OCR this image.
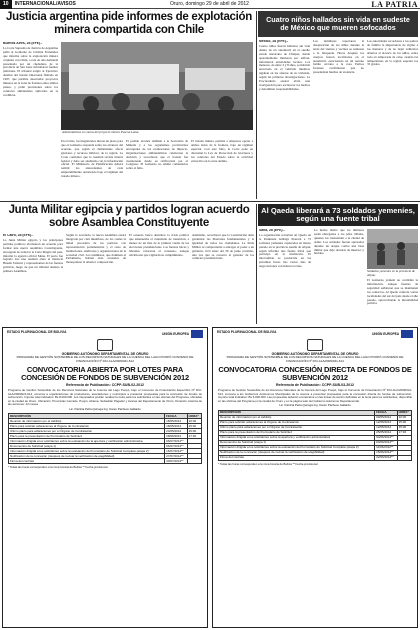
10	INTERNACIONAL/AVISOS	Oruro, domingo 29 de abril de 2012	LA PATRIA
Justicia argentina pide informes de explotación minera compartida con Chile
Buenos Aires, 28 (EFE).-
La Corte Suprema de Justicia de Argentina pidió al Gobierno de Cristina Fernández que informe sobre la explotación minera conjunta con Chile, a raíz de una demanda presentada por un ciudadano de la provincia de San Juan, informaron fuentes judiciales. El tribunal exigió al Ejecutivo detalles del tratado binacional firmado en 1997, que permite desarrollar proyectos mineros en la zona de frontera entre ambos países, y pidió precisiones sobre los controles ambientales aplicados en la cordillera.
Ambientalistas en contra del proyecto minero Pascua Lama.
En el fallo, los magistrados dieron un plazo para que el Gobierno responda sobre los alcances del acuerdo, que según el demandante afecta glaciares y recursos hídricos de la región. La Corte consideró que la cuestión reviste interés federal y debe ser analizada con la información oficial. El Ministerio de Planificación deberá remitir los antecedentes de cada emprendimiento autorizado bajo el régimen del tratado minero.
El pedido alcanza también a la Secretaría de Minería y a los organismos provinciales encargados de las evaluaciones de impacto. Organizaciones ambientalistas celebraron la decisión y recordaron que el tratado fue cuestionado desde su ratificación por el Congreso. El Gobierno no emitió comentarios sobre el fallo.
El tratado minero permite a empresas operar a ambos lados de la frontera, bajo un régimen especial. Con este fallo, la Corte pone en discusión la Ley de Protección de Glaciares y los controles del Estado sobre la actividad extractiva en la zona andina.
Cuatro niños hallados sin vida en sudeste de México que mueren sofocados
México, 28 (EFE).-
Cuatro niños fueron hallados sin vida dentro de un automóvil en el sureño estado mexicano de Chiapas, donde aparentemente murieron por asfixia, informaron autoridades locales. Los menores, de entre 3 y 8 años, se habrían encerrado en el vehículo mientras jugaban en las afueras de su vivienda, según las primeras investigaciones. La Procuraduría estatal abrió una averiguación para esclarecer los hechos y determinar responsabilidades.
Los familiares reportaron la desaparición de los niños durante la tarde del viernes y vecinos se sumaron a la búsqueda. Horas después los cuerpos fueron localizados en el automóvil, estacionado en un terreno baldío cercano a la casa. Peritos forenses confirmaron que no presentaban huellas de violencia.
Las autoridades recordaron a los padres de familia la importancia de vigilar a los menores y de no dejar vehículos abiertos al alcance de los niños, sobre todo en temporada de calor, cuando las temperaturas en la región superan los 35 grados.
Junta Militar egipcia y partidos logran acuerdo sobre Asamblea Constituyente
El Cairo, 28 (EFE).-
La Junta Militar egipcia y los principales partidos políticos alcanzaron un acuerdo para formar una nueva Asamblea Constituyente, encargada de redactar la Carta Magna del país, informó la agencia oficial Mena. El pacto fue logrado tras una reunión entre el mariscal Husein Tantawi y representantes de las fuerzas políticas, luego de que un tribunal anulara la primera Asamblea.
Según lo acordado, la nueva Asamblea estará integrada por cien miembros, de los cuales la mitad procederá de los partidos con representación parlamentaria y el resto de instituciones, sindicatos y organizaciones de la sociedad civil. Los islamistas, que dominan el Parlamento, habían sido acusados de monopolizar la anterior composición.
El acuerdo busca destrabar la crisis política que amenazaba el calendario de transición, a menos de un mes de la primera vuelta de las elecciones presidenciales. Las fuerzas laicas y liberales valoraron el consenso, aunque advirtieron que vigilarán su cumplimiento.
Asimismo, recordaron que la Constitución debe garantizar las libertades fundamentales y la igualdad de todos los ciudadanos. La Junta Militar se comprometió a entregar el poder a un gobierno civil antes del 30 de junio próximo, una vez que se conozca al ganador de los comicios presidenciales.
Al Qaeda liberará a 73 soldados yemeníes, según una fuente tribal
Saná, 28 (EFE).-
La organización terrorista Al Qaeda en la Península Arábiga liberará a 73 soldados yemeníes capturados en marzo pasado en la provincia sureña de Abyan, según informó una fuente tribal que participó en la mediación. El intercambio se produciría en las próximas horas tras varios días de negociaciones con líderes locales.
La fuente indicó que los militares serán entregados a los jefes tribales, quienes los trasladarán a la ciudad de Adén. Los soldados fueron apresados durante un ataque contra una base militar que dejó decenas de muertos y heridos.
Soldados yemeníes en la provincia de Abyan.
El Gobierno yemení no confirmó la información, aunque fuentes de seguridad señalaron que se mantienen los contactos. Al Qaeda controla varias localidades del sur del país desde el año pasado, aprovechando la inestabilidad política.
ESTADO PLURINACIONAL DE BOLIVIA	UNIÓN EUROPEA
GOBIERNO AUTÓNOMO DEPARTAMENTAL DE ORURO
PROGRAMA DE GESTIÓN SOSTENIBLE DE LOS RECURSOS NATURALES DE LA CUENCA DEL LAGO POOPÓ CONVENIO DE FINANCIACIÓN Nº DCI-ALA/2009/021-614
CONVOCATORIA ABIERTA POR LOTES PARA CONCESIÓN DE FONDOS DE SUBVENCIÓN 2012
Referencia de Publicación: CCPP-SUB-02-2012
Programa de Gestión Sostenible de los Recursos Naturales de la Cuenca del Lago Poopó, bajo el Convenio de Financiación Específico Nº DCI-ALA/2009/021-614, convoca a organizaciones de productores, asociaciones y municipios a presentar propuestas para la concesión de fondos de subvención. Importe total indicativo: Bs 8.000.000. Los interesados podrán recabar la Guía para los solicitantes en las oficinas del Programa, ubicadas en la ciudad de Oruro. Ubicación: Provincias Cercado, Poopó, Abaroa, Sebastián Pagador y Avaroa del Departamento de Oruro. Duración máxima de las acciones: 12 meses.
Lic. Patricia Peña Quiroga Ing. Karen Pacheco Gallardo
DESCRIPCIÓN	FECHA	HORA*
Reunión de información (en el cabildo)	18/05/2012	10:00
Plazo para solicitar aclaraciones al Órgano de Contratación	18/05/2012	15:00
Último plazo para aclaraciones por el Órgano de Contratación	23/05/2012	15:00
Plazo para la presentación del Formulario de Solicitud	28/06/2012	17:30
Información dirigida a los solicitantes sobre la evaluación de la apertura y verificación administrativa	06/07/2012**	
Documentos de Solicitud (etapa 1)	06/07/2012**	
Información dirigida a los solicitantes sobre la evaluación del Formulario de Solicitud Completa (etapa 2)	16/07/2012**	
Notificación de la concesión (después de revisar la verificación de elegibilidad)	27/07/2012**	
Firma del contrato	30/07/2012**	
* Todas las horas corresponden a la zona horaria de Bolivia ** Fecha provisional
ESTADO PLURINACIONAL DE BOLIVIA	UNIÓN EUROPEA
GOBIERNO AUTÓNOMO DEPARTAMENTAL DE ORURO
PROGRAMA DE GESTIÓN SOSTENIBLE DE LOS RECURSOS NATURALES DE LA CUENCA DEL LAGO POOPÓ CONVENIO DE FINANCIACIÓN Nº DCI-ALA/2009/021-614
CONVOCATORIA CONCESIÓN DIRECTA DE FONDOS DE SUBVENCIÓN 2012
Referencia de Publicación: CCPP-SUB-03-2012
Programa de Gestión Sostenible de los Recursos Naturales de la Cuenca del Lago Poopó, bajo el Convenio de Financiación Nº DCI-ALA/2009/021-614, convoca a los Gobiernos Autónomos Municipales de la cuenca a presentar propuestas para la concesión directa de fondos de subvención. Importe total indicativo: Bs 6.000.000. Las propuestas deberán enmarcarse en las líneas de acción definidas en la Guía para los solicitantes, disponible en las oficinas del Programa en la ciudad de Oruro y en la página web del Gobierno Autónomo Departamental.
Lic. Patricia Peña Quiroga Ing. Karen Pacheco Gallardo
DESCRIPCIÓN	FECHA	HORA*
Reunión de información (en el cabildo)	09/05/2012	10:00
Plazo para solicitar aclaraciones al Órgano de Contratación	12/05/2012	15:00
Último plazo para aclaraciones por el Órgano de Contratación	12/05/2012	15:00
Plazo para la presentación del Formulario de Solicitud	25/05/2012	17:30
Información dirigida a los solicitantes sobre la apertura y verificación administrativa	04/06/2012**	
Documentos de Solicitud (etapa 1)	04/06/2012**	
Información dirigida a los solicitantes sobre la evaluación del Formulario de Solicitud Completa (etapa 2)	11/06/2012**	
Notificación de la concesión (después de revisar la verificación de elegibilidad)	15/06/2012**	
Firma del contrato	22/06/2012**	
* Todas las horas corresponden a la zona horaria de Bolivia ** Fecha provisional
